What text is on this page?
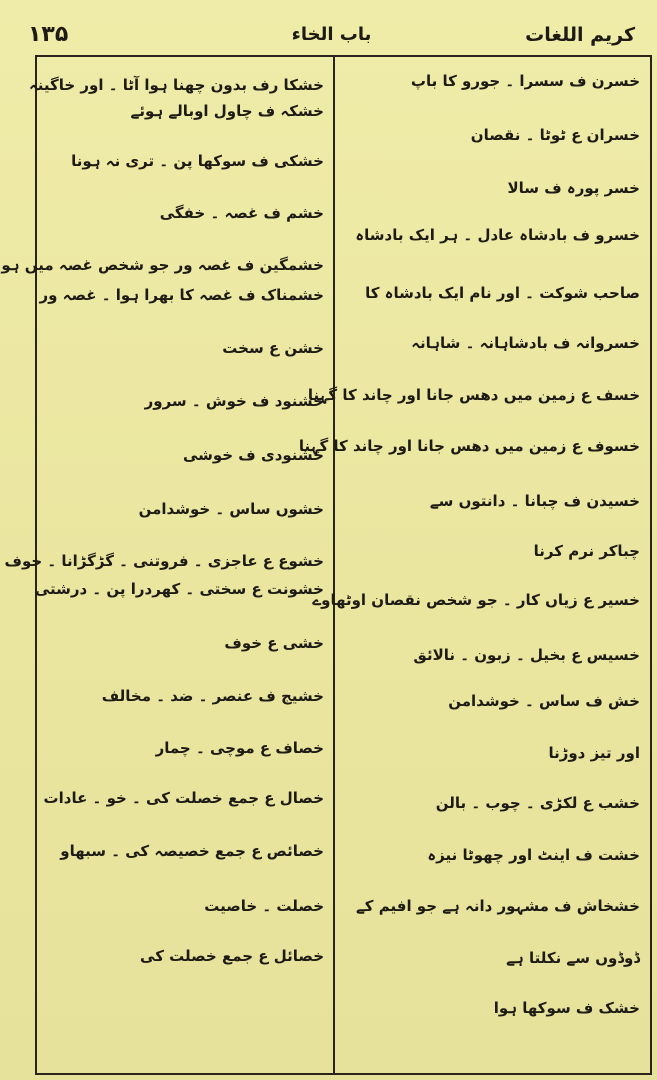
کریم اللغات
باب الخاء
۱۳۵
خسرن ف سسرا ۔ جورو کا باپ
خسران ع ٹوٹا ۔ نقصان
خسر پورہ ف سالا
خسرو ف بادشاہ عادل ۔ ہر ایک بادشاہ
صاحب شوکت ۔ اور نام ایک بادشاہ کا
خسروانہ ف بادشاہانہ ۔ شاہانہ
خسف ع زمین میں دھس جانا اور چاند کا گہنا
خسوف ع زمین میں دھس جانا اور چاند کا گہنا
خسیدن ف چبانا ۔ دانتوں سے
چباکر نرم کرنا
خسیر ع زیاں کار ۔ جو شخص نقصان اوٹھاوے
خسیس ع بخیل ۔ زبون ۔ نالائق
خش ف ساس ۔ خوشدامن
اور تیز دوڑنا
خشب ع لکڑی ۔ چوب ۔ بالن
خشت ف اینٹ اور چھوٹا نیزہ
خشخاش ف مشہور دانہ ہے جو افیم کے
ڈوڈوں سے نکلتا ہے
خشک ف سوکھا ہوا
خشکا رف بدون چھنا ہوا آٹا ۔ اور خاگینہ
خشکہ ف چاول اوبالے ہوئے
خشکی ف سوکھا پن ۔ تری نہ ہونا
خشم ف غصہ ۔ خفگی
خشمگین ف غصہ ور جو شخص غصہ میں ہو
خشمناک ف غصہ کا بھرا ہوا ۔ غصہ ور
خشن ع سخت
خشنود ف خوش ۔ سرور
خشنودی ف خوشی
خشوں ساس ۔ خوشدامن
خشوع ع عاجزی ۔ فروتنی ۔ گڑگڑانا ۔ خوف
خشونت ع سختی ۔ کھردرا پن ۔ درشتی
خشی ع خوف
خشیج ف عنصر ۔ ضد ۔ مخالف
خصاف ع موچی ۔ چمار
خصال ع جمع خصلت کی ۔ خو ۔ عادات
خصائص ع جمع خصیصہ کی ۔ سبھاو
خصلت ۔ خاصیت
خصائل ع جمع خصلت کی
